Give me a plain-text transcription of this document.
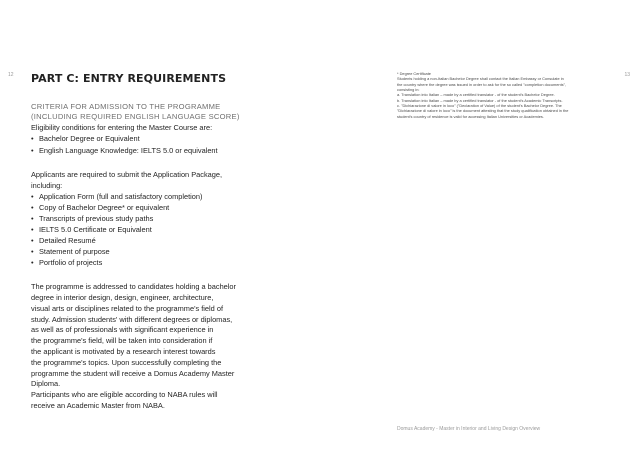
12	13
PART C: ENTRY REQUIREMENTS
CRITERIA FOR ADMISSION TO THE PROGRAMME
(INCLUDING REQUIRED ENGLISH LANGUAGE SCORE)
Eligibility conditions for entering the Master Course are:
• Bachelor Degree or Equivalent
• English Language Knowledge: IELTS 5.0 or equivalent
Applicants are required to submit the Application Package,
including:
• Application Form (full and satisfactory completion)
• Copy of Bachelor Degree* or equivalent
• Transcripts of previous study paths
• IELTS 5.0 Certificate or Equivalent
• Detailed Resumé
• Statement of purpose
• Portfolio of projects

The programme is addressed to candidates holding a bachelor

degree in interior design, design, engineer, architecture,

visual arts or disciplines related to the programme's field of

study. Admission students' with different degrees or diplomas,

as well as of professionals with significant experience in

the programme's field, will be taken into consideration if

the applicant is motivated by a research interest towards

the programme's topics. Upon successfully completing the

programme the student will receive a Domus Academy Master

Diploma.

Participants who are eligible according to NABA rules will

receive an Academic Master from NABA.

* Degree Certificate

Students holding a non-Italian Bachelor Degree shall contact the Italian Embassy or Consulate in

the country where the degree was issued in order to ask for the so called "completion documents",

consisting in:

a. Translation into Italian – made by a certified translator - of the student's Bachelor Degree.

b. Translation into Italian – made by a certified translator - of the student's Academic Transcripts.

c. "Dichiarazione di valore in loco" ("Declaration of Value) of the student's Bachelor Degree. The

"Dichiarazione di valore in loco" is the document attesting that the study qualification obtained in the

student's country of residence is valid for accessing Italian Universities or Academies.

Domus Academy - Master in Interior and Living Design Overview
